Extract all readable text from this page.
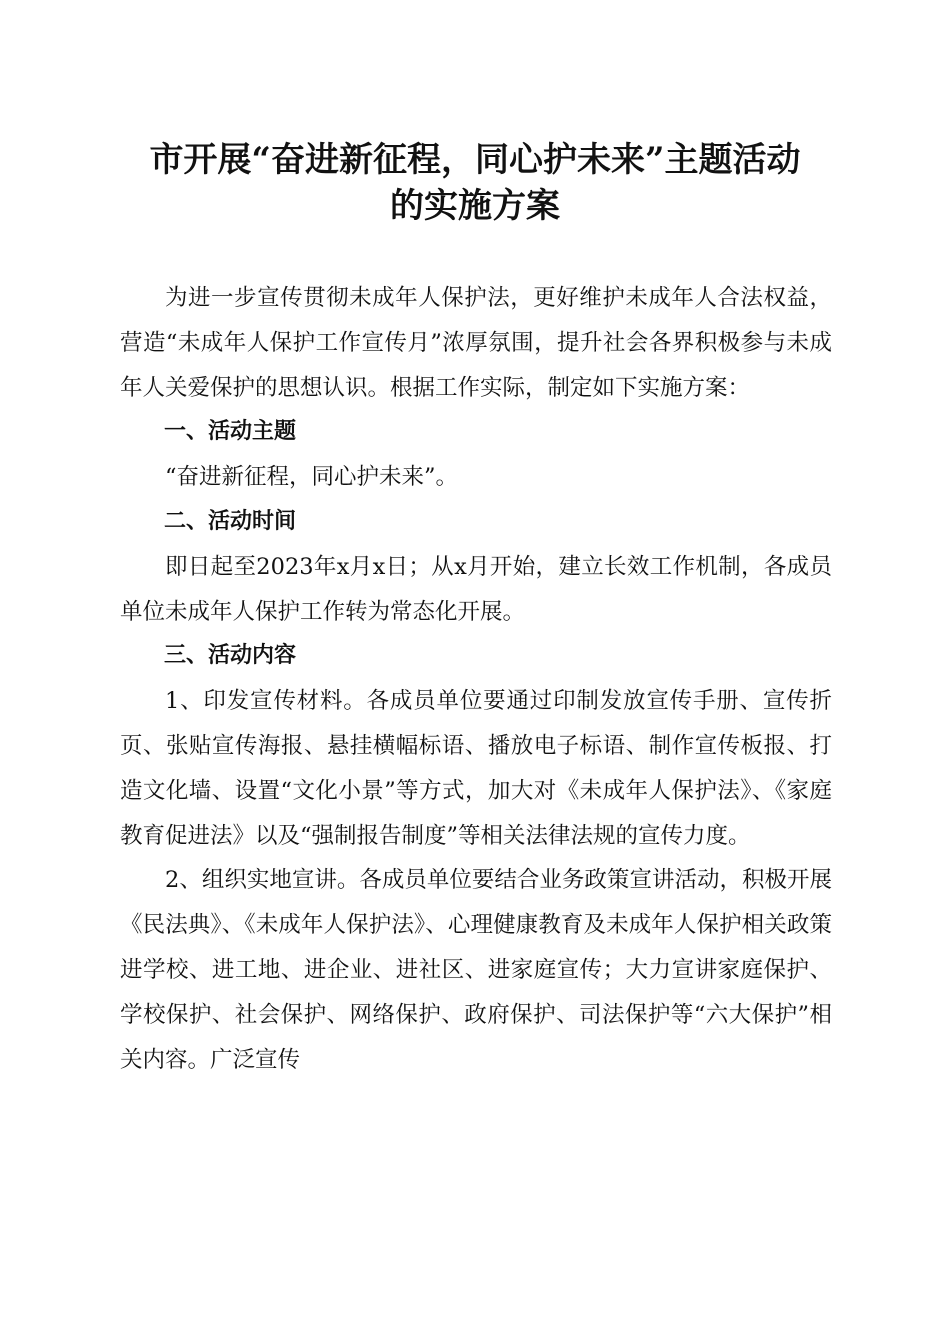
市开展“奋进新征程，同心护未来”主题活动
的实施方案

为进一步宣传贯彻未成年人保护法，更好维护未成年人合法权益，营造“未成年人保护工作宣传月”浓厚氛围，提升社会各界积极参与未成年人关爱保护的思想认识。根据工作实际，制定如下实施方案：

一、活动主题

“奋进新征程，同心护未来”。

二、活动时间

即日起至2023年x月x日；从x月开始，建立长效工作机制，各成员单位未成年人保护工作转为常态化开展。

三、活动内容

1、印发宣传材料。各成员单位要通过印制发放宣传手册、宣传折页、张贴宣传海报、悬挂横幅标语、播放电子标语、制作宣传板报、打造文化墙、设置“文化小景”等方式，加大对《未成年人保护法》、《家庭教育促进法》以及“强制报告制度”等相关法律法规的宣传力度。

2、组织实地宣讲。各成员单位要结合业务政策宣讲活动，积极开展《民法典》、《未成年人保护法》、心理健康教育及未成年人保护相关政策进学校、进工地、进企业、进社区、进家庭宣传；大力宣讲家庭保护、学校保护、社会保护、网络保护、政府保护、司法保护等“六大保护”相关内容。广泛宣传
